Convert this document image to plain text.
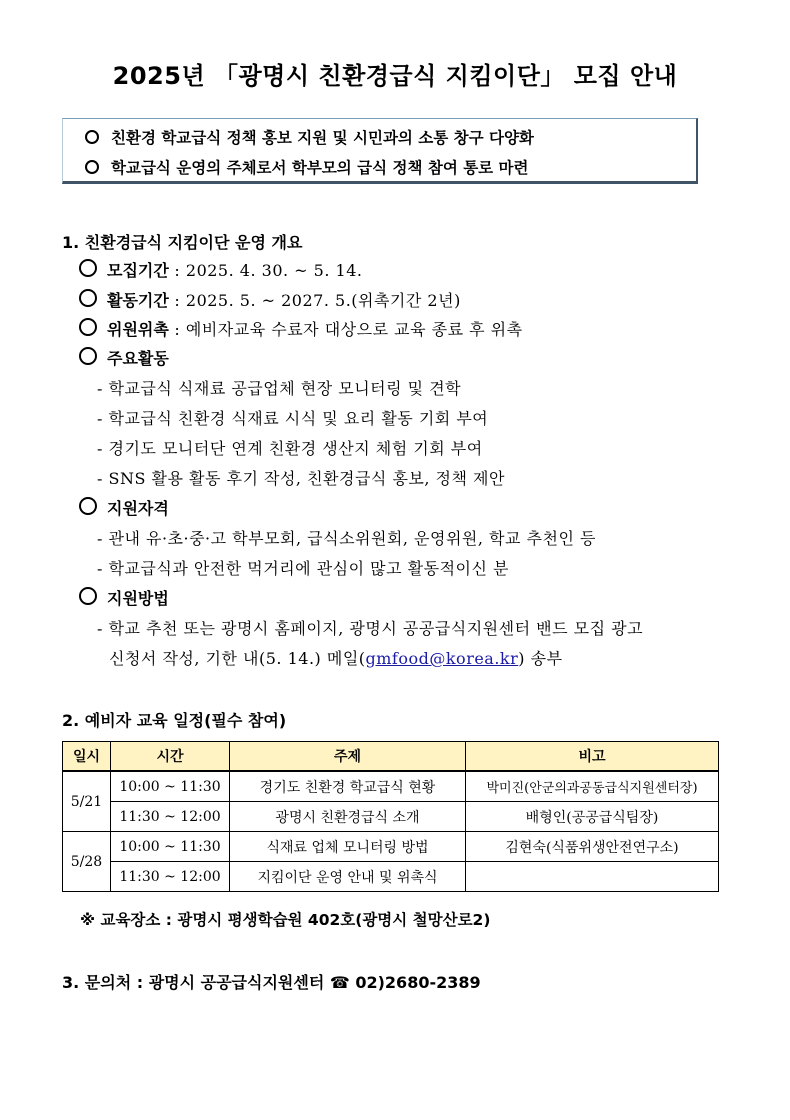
2025년 「광명시 친환경급식 지킴이단」 모집 안내
친환경 학교급식 정책 홍보 지원 및 시민과의 소통 창구 다양화
학교급식 운영의 주체로서 학부모의 급식 정책 참여 통로 마련
1. 친환경급식 지킴이단 운영 개요
모집기간 : 2025. 4. 30. ~ 5. 14.
활동기간 : 2025. 5. ~ 2027. 5.(위촉기간 2년)
위원위촉 : 예비자교육 수료자 대상으로 교육 종료 후 위촉
주요활동
- 학교급식 식재료 공급업체 현장 모니터링 및 견학
- 학교급식 친환경 식재료 시식 및 요리 활동 기회 부여
- 경기도 모니터단 연계 친환경 생산지 체험 기회 부여
- SNS 활용 활동 후기 작성, 친환경급식 홍보, 정책 제안
지원자격
- 관내 유·초·중·고 학부모회, 급식소위원회, 운영위원, 학교 추천인 등
- 학교급식과 안전한 먹거리에 관심이 많고 활동적이신 분
지원방법
- 학교 추천 또는 광명시 홈페이지, 광명시 공공급식지원센터 밴드 모집 광고
신청서 작성, 기한 내(5. 14.) 메일(gmfood@korea.kr) 송부
2. 예비자 교육 일정(필수 참여)
일시	시간	주제	비고
5/21	10:00 ~ 11:30	경기도 친환경 학교급식 현황	박미진(안군의과공동급식지원센터장)
	11:30 ~ 12:00	광명시 친환경급식 소개	배형인(공공급식팀장)
5/28	10:00 ~ 11:30	식재료 업체 모니터링 방법	김현숙(식품위생안전연구소)
	11:30 ~ 12:00	지킴이단 운영 안내 및 위촉식	
※ 교육장소 : 광명시 평생학습원 402호(광명시 철망산로2)
3. 문의처 : 광명시 공공급식지원센터 ☎ 02)2680-2389
